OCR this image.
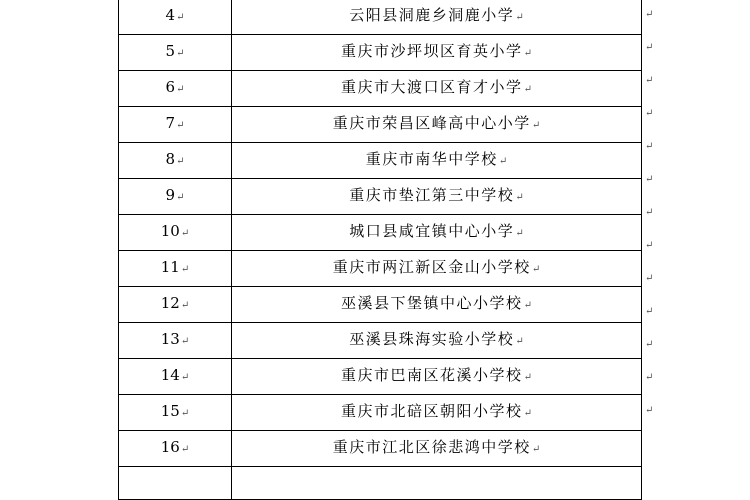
4↵	云阳县洞鹿乡洞鹿小学↵
5↵	重庆市沙坪坝区育英小学↵
6↵	重庆市大渡口区育才小学↵
7↵	重庆市荣昌区峰高中心小学↵
8↵	重庆市南华中学校↵
9↵	重庆市垫江第三中学校↵
10↵	城口县咸宜镇中心小学↵
11↵	重庆市两江新区金山小学校↵
12↵	巫溪县下堡镇中心小学校↵
13↵	巫溪县珠海实验小学校↵
14↵	重庆市巴南区花溪小学校↵
15↵	重庆市北碚区朝阳小学校↵
16↵	重庆市江北区徐悲鸿中学校↵

↵
↵
↵
↵
↵
↵
↵
↵
↵
↵
↵
↵
↵
